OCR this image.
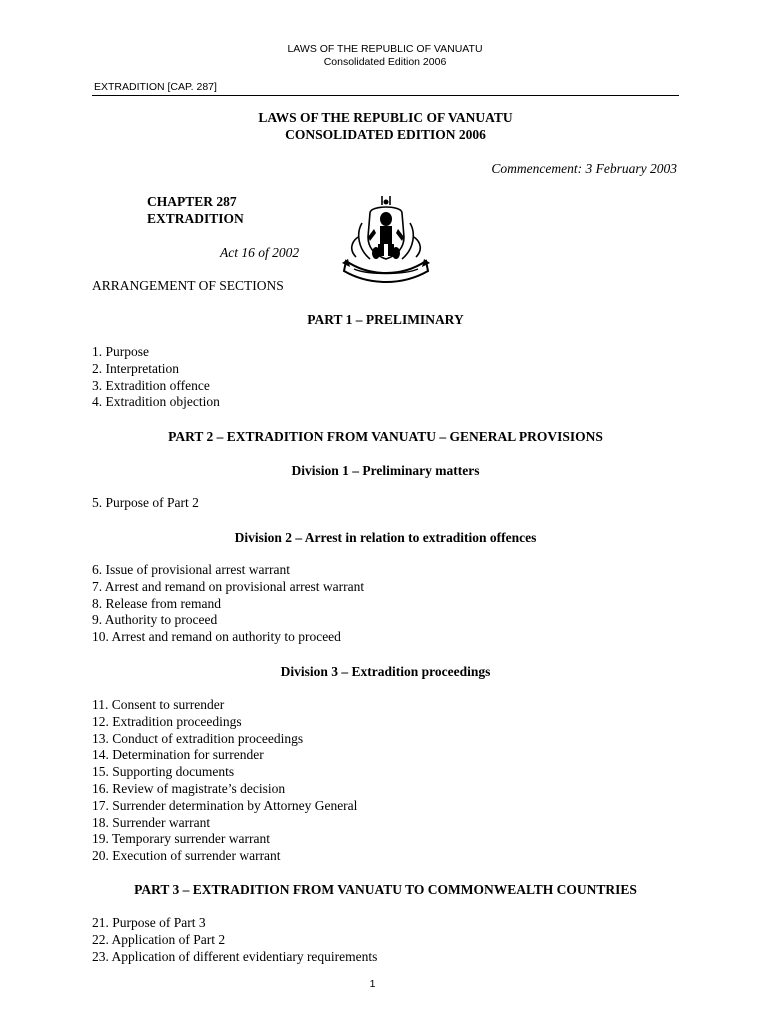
LAWS OF THE REPUBLIC OF VANUATU
Consolidated Edition 2006
EXTRADITION [CAP. 287]
LAWS OF THE REPUBLIC OF VANUATU
CONSOLIDATED EDITION 2006
Commencement: 3 February 2003
CHAPTER 287
EXTRADITION
Act 16 of 2002
ARRANGEMENT OF SECTIONS
PART 1 – PRELIMINARY
1. Purpose
2. Interpretation
3. Extradition offence
4. Extradition objection
PART 2 – EXTRADITION FROM VANUATU – GENERAL PROVISIONS
Division 1 – Preliminary matters
5. Purpose of Part 2
Division 2 – Arrest in relation to extradition offences
6. Issue of provisional arrest warrant
7. Arrest and remand on provisional arrest warrant
8. Release from remand
9. Authority to proceed
10. Arrest and remand on authority to proceed
Division 3 – Extradition proceedings
11. Consent to surrender
12. Extradition proceedings
13. Conduct of extradition proceedings
14. Determination for surrender
15. Supporting documents
16. Review of magistrate’s decision
17. Surrender determination by Attorney General
18. Surrender warrant
19. Temporary surrender warrant
20. Execution of surrender warrant
PART 3 – EXTRADITION FROM VANUATU TO COMMONWEALTH COUNTRIES
21. Purpose of Part 3
22. Application of Part 2
23. Application of different evidentiary requirements
1
